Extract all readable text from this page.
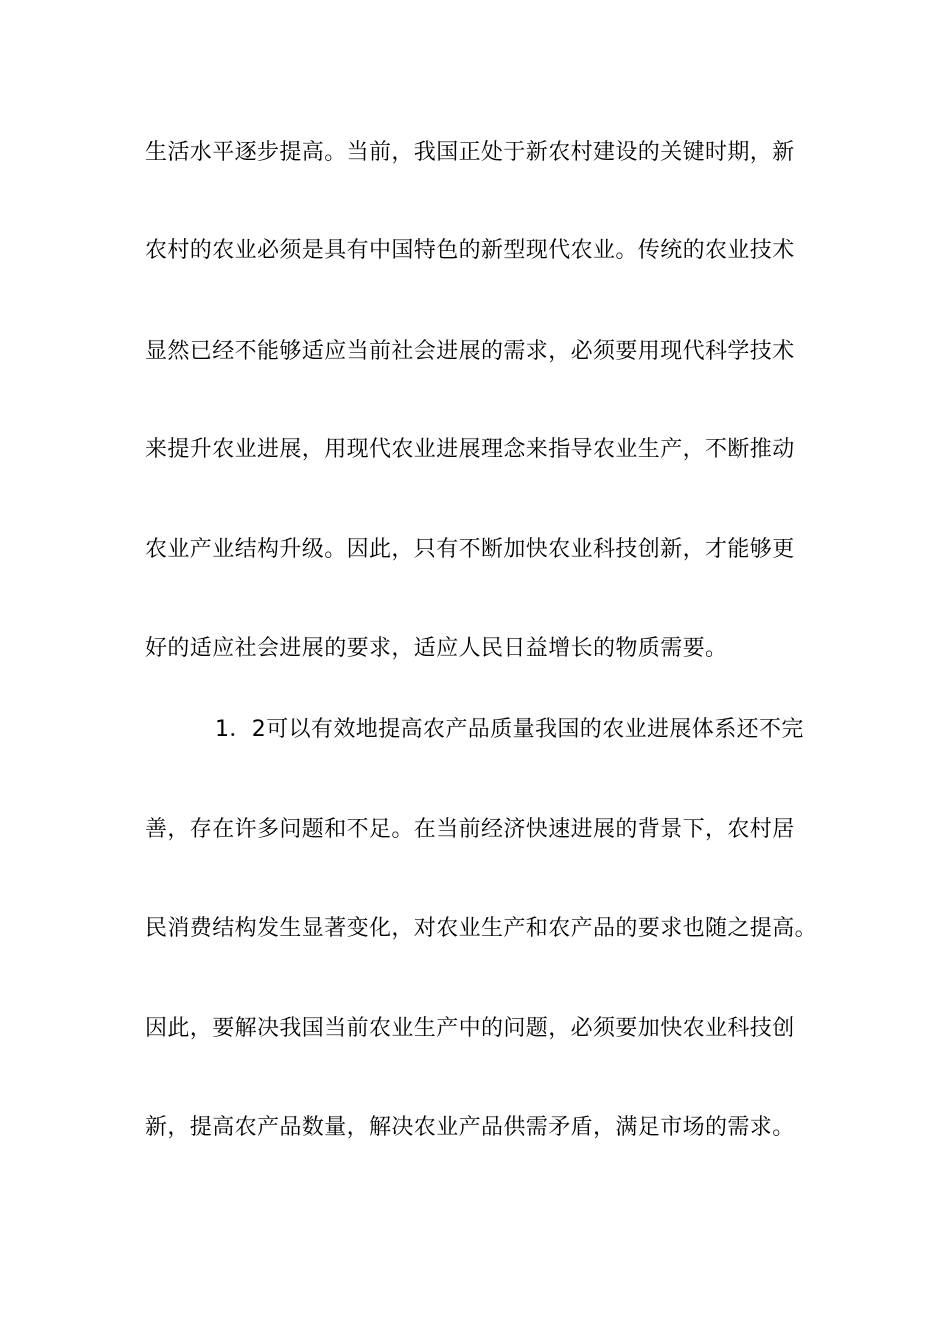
生活水平逐步提高。当前，我国正处于新农村建设的关键时期，新
农村的农业必须是具有中国特色的新型现代农业。传统的农业技术
显然已经不能够适应当前社会进展的需求，必须要用现代科学技术
来提升农业进展，用现代农业进展理念来指导农业生产，不断推动
农业产业结构升级。因此，只有不断加快农业科技创新，才能够更
好的适应社会进展的要求，适应人民日益增长的物质需要。
1．2可以有效地提高农产品质量我国的农业进展体系还不完
善，存在许多问题和不足。在当前经济快速进展的背景下，农村居
民消费结构发生显著变化，对农业生产和农产品的要求也随之提高。
因此，要解决我国当前农业生产中的问题，必须要加快农业科技创
新，提高农产品数量，解决农业产品供需矛盾，满足市场的需求。
